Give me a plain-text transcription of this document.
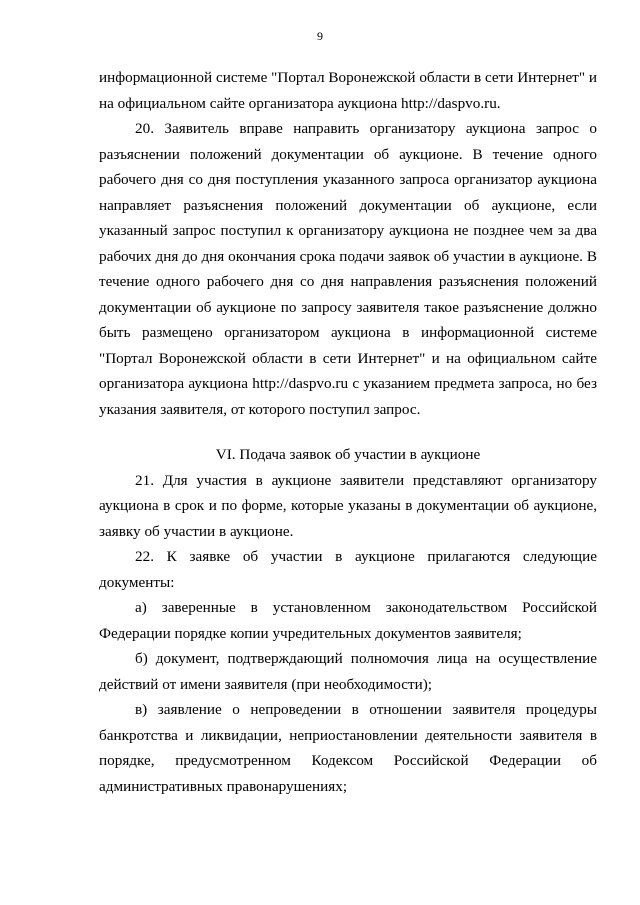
9

информационной системе "Портал Воронежской области в сети Интернет" и на официальном сайте организатора аукциона http://daspvo.ru.

20. Заявитель вправе направить организатору аукциона запрос о разъяснении положений документации об аукционе. В течение одного рабочего дня со дня поступления указанного запроса организатор аукциона направляет разъяснения положений документации об аукционе, если указанный запрос поступил к организатору аукциона не позднее чем за два рабочих дня до дня окончания срока подачи заявок об участии в аукционе. В течение одного рабочего дня со дня направления разъяснения положений документации об аукционе по запросу заявителя такое разъяснение должно быть размещено организатором аукциона в информационной системе "Портал Воронежской области в сети Интернет" и на официальном сайте организатора аукциона http://daspvo.ru с указанием предмета запроса, но без указания заявителя, от которого поступил запрос.

VI. Подача заявок об участии в аукционе

21. Для участия в аукционе заявители представляют организатору аукциона в срок и по форме, которые указаны в документации об аукционе, заявку об участии в аукционе.

22. К заявке об участии в аукционе прилагаются следующие документы:

а) заверенные в установленном законодательством Российской Федерации порядке копии учредительных документов заявителя;

б) документ, подтверждающий полномочия лица на осуществление действий от имени заявителя (при необходимости);

в) заявление о непроведении в отношении заявителя процедуры банкротства и ликвидации, неприостановлении деятельности заявителя в порядке, предусмотренном Кодексом Российской Федерации об административных правонарушениях;
